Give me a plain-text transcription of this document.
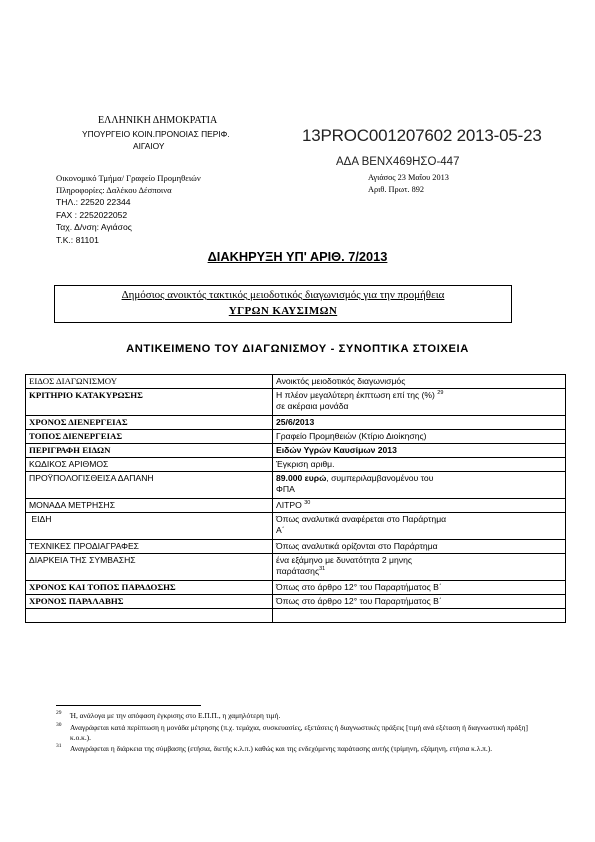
ΕΛΛΗΝΙΚΗ ΔΗΜΟΚΡΑΤΙΑ
ΥΠΟΥΡΓΕΙΟ ΚΟΙΝ.ΠΡΟΝΟΙΑΣ ΠΕΡΙΦ.
ΑΙΓΑΙΟΥ
13PROC001207602 2013-05-23
ΑΔΑ ΒΕΝΧ469ΗΣΟ-447
Οικονομικό Τμήμα/ Γραφείο Προμηθειών
Πληροφορίες: Δαλέκου Δέσποινα
ΤΗΛ.: 22520 22344
FAX : 2252022052
Ταχ. Δ/νση: Αγιάσος
Τ.Κ.: 81101
Αγιάσος 23 Μαΐου 2013
Αριθ. Πρωτ. 892
ΔΙΑΚΗΡΥΞΗ ΥΠ' ΑΡΙΘ. 7/2013
Δημόσιος ανοικτός τακτικός μειοδοτικός διαγωνισμός για την προμήθεια
ΥΓΡΩΝ ΚΑΥΣΙΜΩΝ
ΑΝΤΙΚΕΙΜΕΝΟ ΤΟΥ ΔΙΑΓΩΝΙΣΜΟΥ - ΣΥΝΟΠΤΙΚΑ ΣΤΟΙΧΕΙΑ
ΕΙΔΟΣ ΔΙΑΓΩΝΙΣΜΟΥ	Ανοικτός μειοδοτικός διαγωνισμός
ΚΡΙΤΗΡΙΟ ΚΑΤΑΚΥΡΩΣΗΣ	Η πλέον μεγαλύτερη έκπτωση επί της (%) $^{29}$
σε ακέραια μονάδα
ΧΡΟΝΟΣ ΔΙΕΝΕΡΓΕΙΑΣ	25/6/2013
ΤΟΠΟΣ ΔΙΕΝΕΡΓΕΙΑΣ	Γραφείο Προμηθειών (Κτίριο Διοίκησης)
ΠΕΡΙΓΡΑΦΗ ΕΙΔΩΝ	Ειδών Υγρών Καυσίμων 2013
ΚΩΔΙΚΟΣ ΑΡΙΘΜΟΣ	Έγκριση αριθμ.
ΠΡΟΫΠΟΛΟΓΙΣΘΕΙΣΑ ΔΑΠΑΝΗ	89.000 ευρώ, συμπεριλαμβανομένου του
ΦΠΑ
ΜΟΝΑΔΑ ΜΕΤΡΗΣΗΣ	ΛΙΤΡΟ $^{30}$
ΕΙΔΗ	Όπως αναλυτικά αναφέρεται στο Παράρτημα
Α΄
ΤΕΧΝΙΚΕΣ ΠΡΟΔΙΑΓΡΑΦΕΣ	Όπως αναλυτικά ορίζονται στο Παράρτημα
ΔΙΑΡΚΕΙΑ ΤΗΣ ΣΥΜΒΑΣΗΣ	ένα εξάμηνο με δυνατότητα 2 μηνης
παράτασης$^{31}$
ΧΡΟΝΟΣ ΚΑΙ ΤΟΠΟΣ ΠΑΡΑΔΟΣΗΣ	Όπως στο άρθρο 12° του Παραρτήματος Β΄
ΧΡΟΝΟΣ ΠΑΡΑΛΑΒΗΣ	Όπως στο άρθρο 12° του Παραρτήματος Β΄

29 Ή, ανάλογα με την απόφαση έγκρισης στο Ε.Π.Π., η χαμηλότερη τιμή.
30 Αναγράφεται κατά περίπτωση η μονάδα μέτρησης (π.χ. τεμάχια, συσκευασίες, εξετάσεις ή διαγνωστικές πράξεις [τιμή ανά εξέταση ή διαγνωστική πράξη] κ.ο.κ.).
31 Αναγράφεται η διάρκεια της σύμβασης (ετήσια, διετής κ.λ.π.) καθώς και της ενδεχόμενης παράτασης αυτής (τρίμηνη, εξάμηνη, ετήσια κ.λ.π.).
